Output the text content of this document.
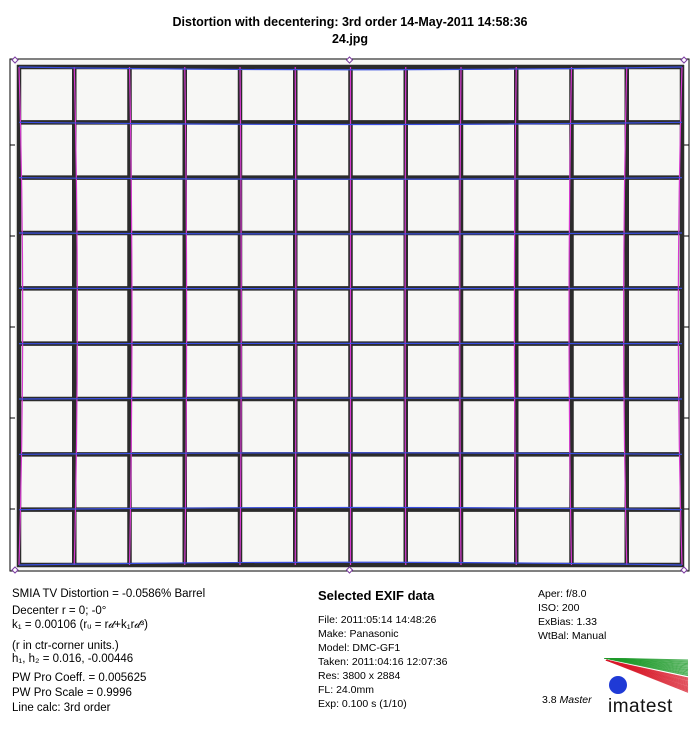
Distortion with decentering: 3rd order 14-May-2011 14:58:36
24.jpg
SMIA TV Distortion = -0.0586% Barrel
Decenter r = 0; -0°
k₁ = 0.00106 (rᵤ = r𝒹+k₁r𝒹³)
(r in ctr-corner units.)
h₁, h₂ = 0.016, -0.00446
PW Pro Coeff. = 0.005625
PW Pro Scale = 0.9996
Line calc: 3rd order
Selected EXIF data
File: 2011:05:14 14:48:26
Make: Panasonic
Model: DMC-GF1
Taken: 2011:04:16 12:07:36
Res: 3800 x 2884
FL: 24.0mm
Exp: 0.100 s (1/10)
Aper: f/8.0
ISO: 200
ExBias: 1.33
WtBal: Manual
3.8 Master imatest
